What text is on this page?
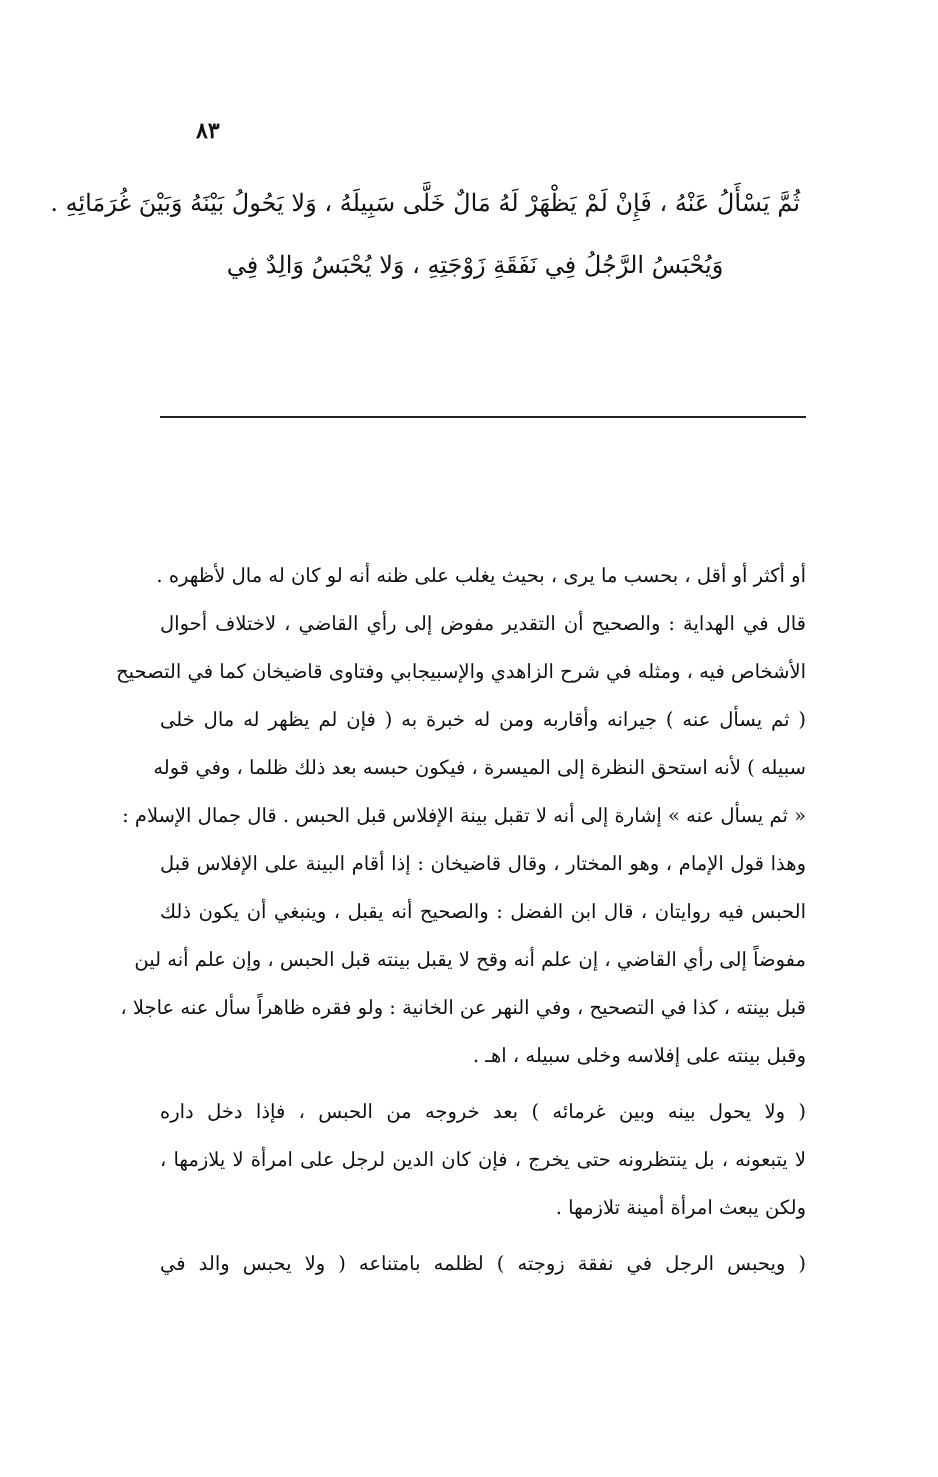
٨٣
ثُمَّ يَسْأَلُ عَنْهُ ، فَإِنْ لَمْ يَظْهَرْ لَهُ مَالٌ خَلَّى سَبِيلَهُ ، وَلا يَحُولُ بَيْنَهُ وَبَيْنَ غُرَمَائِهِ .
وَيُحْبَسُ الرَّجُلُ فِي نَفَقَةِ زَوْجَتِهِ ، وَلا يُحْبَسُ وَالِدٌ فِي
أو أكثر أو أقل ، بحسب ما يرى ، بحيث يغلب على ظنه أنه لو كان له مال لأظهره .
قال في الهداية : والصحيح أن التقدير مفوض إلى رأي القاضي ، لاختلاف أحوال
الأشخاص فيه ، ومثله في شرح الزاهدي والإسبيجابي وفتاوى قاضيخان كما في التصحيح
( ثم يسأل عنه ) جيرانه وأقاربه ومن له خبرة به ( فإن لم يظهر له مال خلى
سبيله ) لأنه استحق النظرة إلى الميسرة ، فيكون حبسه بعد ذلك ظلما ، وفي قوله
« ثم يسأل عنه » إشارة إلى أنه لا تقبل بينة الإفلاس قبل الحبس . قال جمال الإسلام :
وهذا قول الإمام ، وهو المختار ، وقال قاضيخان : إذا أقام البينة على الإفلاس قبل
الحبس فيه روايتان ، قال ابن الفضل : والصحيح أنه يقبل ، وينبغي أن يكون ذلك
مفوضاً إلى رأي القاضي ، إن علم أنه وقح لا يقبل بينته قبل الحبس ، وإن علم أنه لين
قبل بينته ، كذا في التصحيح ، وفي النهر عن الخانية : ولو فقره ظاهراً سأل عنه عاجلا ،
وقبل بينته على إفلاسه وخلى سبيله ، اهـ .
( ولا يحول بينه وبين غرمائه ) بعد خروجه من الحبس ، فإذا دخل داره
لا يتبعونه ، بل ينتظرونه حتى يخرج ، فإن كان الدين لرجل على امرأة لا يلازمها ،
ولكن يبعث امرأة أمينة تلازمها .
( ويحبس الرجل في نفقة زوجته ) لظلمه بامتناعه ( ولا يحبس والد في
